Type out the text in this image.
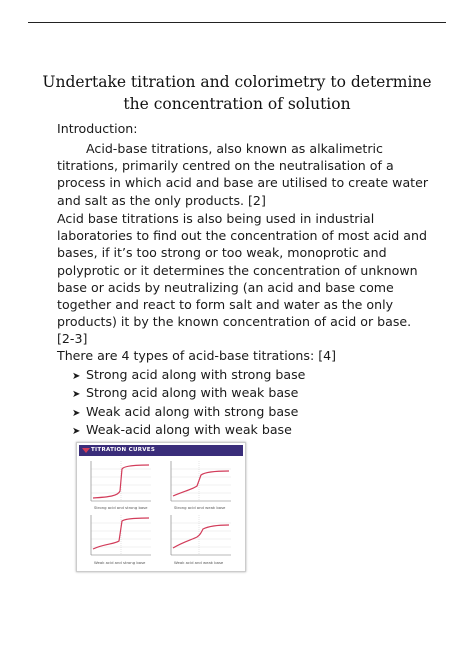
Undertake titration and colorimetry to determine the concentration of solution

Introduction:

Acid-base titrations, also known as alkalimetric titrations, primarily centred on the neutralisation of a process in which acid and base are utilised to create water and salt as the only products. [2]

Acid base titrations is also being used in industrial laboratories to find out the concentration of most acid and bases, if it’s too strong or too weak, monoprotic and polyprotic or it determines the concentration of unknown base or acids by neutralizing (an acid and base come together and react to form salt and water as the only products) it by the known concentration of acid or base. [2-3]

There are 4 types of acid-base titrations: [4]

➤ Strong acid along with strong base
➤ Strong acid along with weak base
➤ Weak acid along with strong base
➤ Weak-acid along with weak base
Strong acid and strong base	Strong acid and weak base
Weak acid and strong base	Weak acid and weak base
TITRATION CURVES
